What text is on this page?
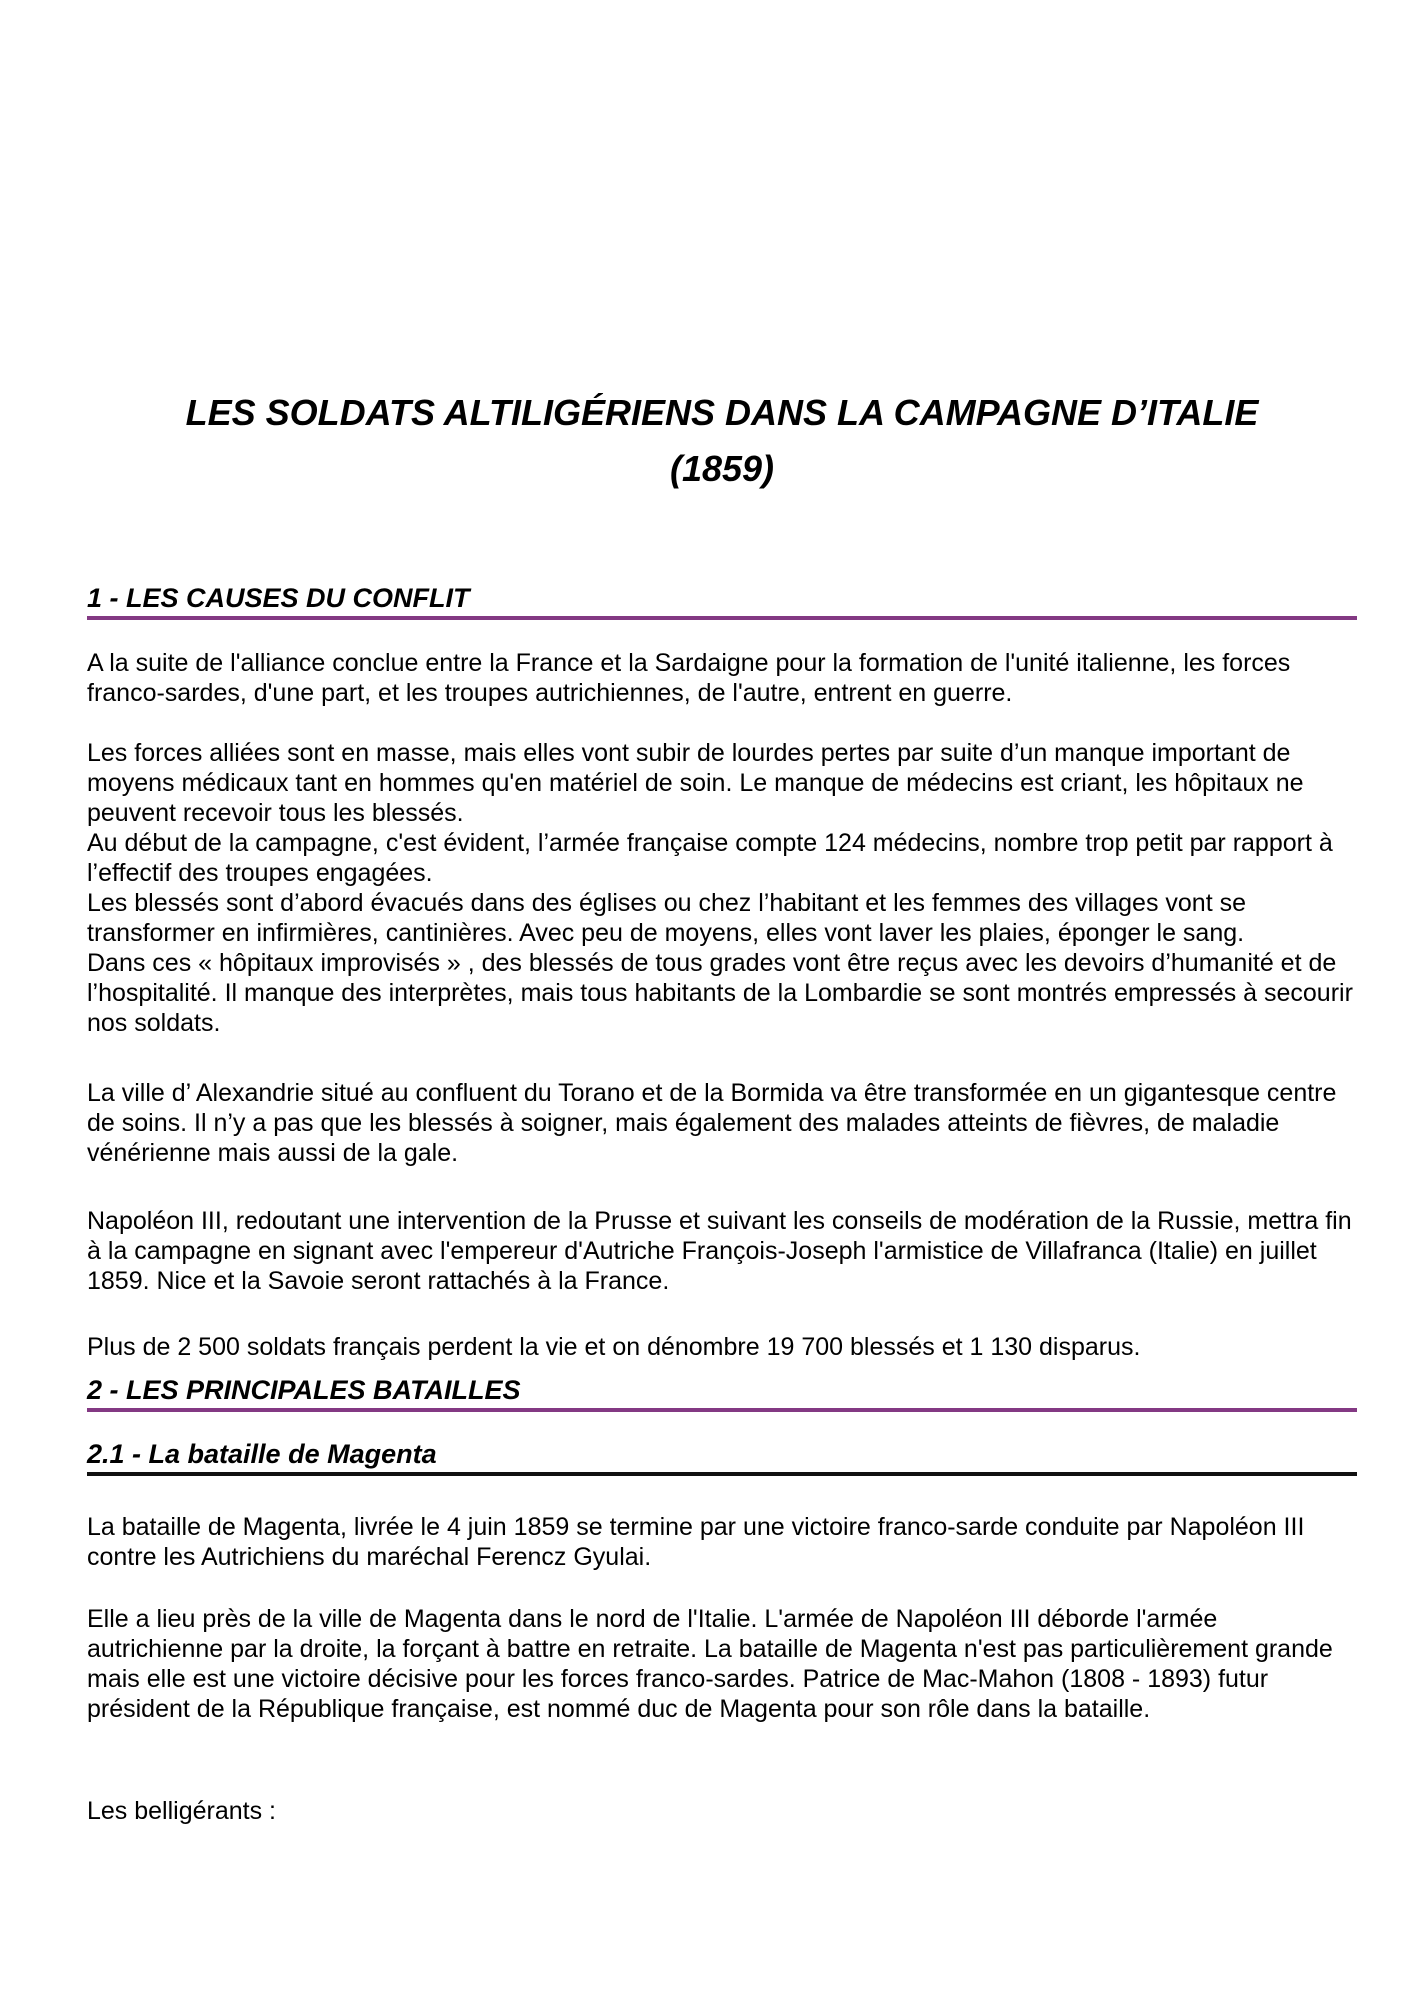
LES SOLDATS ALTILIGÉRIENS DANS LA CAMPAGNE D’ITALIE
(1859)
1 - LES CAUSES DU CONFLIT

A la suite de l'alliance conclue entre la France et la Sardaigne pour la formation de l'unité italienne, les forces franco-sardes, d'une part, et les troupes autrichiennes, de l'autre, entrent en guerre.

Les forces alliées sont en masse, mais elles vont subir de lourdes pertes par suite d’un manque important de moyens médicaux tant en hommes qu'en matériel de soin. Le manque de médecins est criant, les hôpitaux ne peuvent recevoir tous les blessés.

Au début de la campagne, c'est évident, l’armée française compte 124 médecins, nombre trop petit par rapport à l’effectif des troupes engagées.

Les blessés sont d’abord évacués dans des églises ou chez l’habitant et les femmes des villages vont se transformer en infirmières, cantinières. Avec peu de moyens, elles vont laver les plaies, éponger le sang.

Dans ces « hôpitaux improvisés » , des blessés de tous grades vont être reçus avec les devoirs d’humanité et de l’hospitalité. Il manque des interprètes, mais tous habitants de la Lombardie se sont montrés empressés à secourir nos soldats.

La ville d’ Alexandrie situé au confluent du Torano et de la Bormida va être transformée en un gigantesque centre de soins. Il n’y a pas que les blessés à soigner, mais également des malades atteints de fièvres, de maladie vénérienne mais aussi de la gale.

Napoléon III, redoutant une intervention de la Prusse et suivant les conseils de modération de la Russie, mettra fin à la campagne en signant avec l'empereur d'Autriche François-Joseph l'armistice de Villafranca (Italie) en juillet 1859. Nice et la Savoie seront rattachés à la France.

Plus de 2 500 soldats français perdent la vie et on dénombre 19 700 blessés et 1 130 disparus.

2 - LES PRINCIPALES BATAILLES
2.1 - La bataille de Magenta

La bataille de Magenta, livrée le 4 juin 1859 se termine par une victoire franco-sarde conduite par Napoléon III contre les Autrichiens du maréchal Ferencz Gyulai.

Elle a lieu près de la ville de Magenta dans le nord de l'Italie. L'armée de Napoléon III déborde l'armée autrichienne par la droite, la forçant à battre en retraite. La bataille de Magenta n'est pas particulièrement grande mais elle est une victoire décisive pour les forces franco-sardes. Patrice de Mac-Mahon (1808 - 1893) futur président de la République française, est nommé duc de Magenta pour son rôle dans la bataille.

Les belligérants :
